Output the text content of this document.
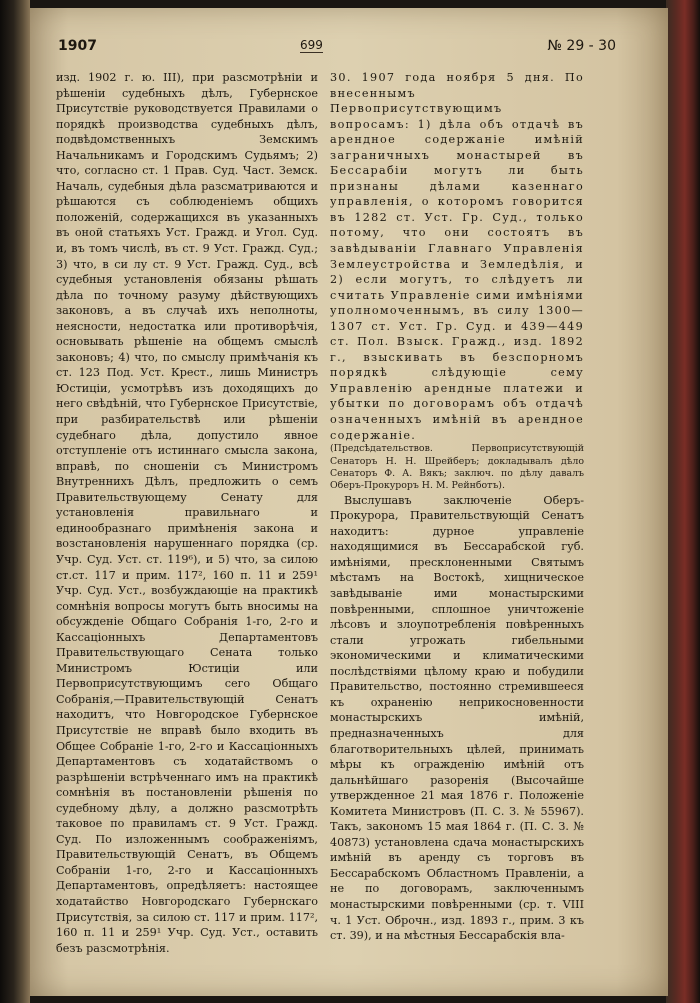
1907	699	№ 29 - 30

изд. 1902 г. ю. III), при разсмотрѣніи и рѣшеніи судебныхъ дѣлъ, Губернское Присутствіе руководствуется Правилами о порядкѣ производства судебныхъ дѣлъ, подвѣдомственныхъ Земскимъ Начальникамъ и Городскимъ Судьямъ; 2) что, согласно ст. 1 Прав. Суд. Част. Земск. Началь, судебныя дѣла разсматриваются и рѣшаются съ соблюденіемъ общихъ положеній, содержащихся въ указанныхъ въ оной статьяхъ Уст. Гражд. и Угол. Суд. и, въ томъ числѣ, въ ст. 9 Уст. Гражд. Суд.; 3) что, в си лу ст. 9 Уст. Гражд. Суд., всѣ судебныя установленія обязаны рѣшать дѣла по точному разуму дѣйствующихъ законовъ, а въ случаѣ ихъ неполноты, неясности, недостатка или противорѣчія, основывать рѣшеніе на общемъ смыслѣ законовъ; 4) что, по смыслу примѣчанія къ ст. 123 Под. Уст. Крест., лишь Министръ Юстиціи, усмотрѣвъ изъ доходящихъ до него свѣдѣній, что Губернское Присутствіе, при разбирательствѣ или рѣшеніи судебнаго дѣла, допустило явное отступленіе отъ истиннаго смысла закона, вправѣ, по сношеніи съ Министромъ Внутреннихъ Дѣлъ, предложить о семъ Правительствующему Сенату для установленія правильнаго и единообразнаго примѣненія закона и возстановленія нарушеннаго порядка (ср. Учр. Суд. Уст. ст. 119⁶), и 5) что, за силою ст.ст. 117 и прим. 117², 160 п. 11 и 259¹ Учр. Суд. Уст., возбуждающіе на практикѣ сомнѣнія вопросы могутъ быть вносимы на обсужденіе Общаго Собранія 1-го, 2-го и Кассаціонныхъ Департаментовъ Правительствующаго Сената только Министромъ Юстиціи или Первоприсутствующимъ сего Общаго Собранія,—Правительствующій Сенатъ находитъ, что Новгородское Губернское Присутствіе не вправѣ было входить въ Общее Собраніе 1-го, 2-го и Кассаціонныхъ Департаментовъ съ ходатайствомъ о разрѣшеніи встрѣченнаго имъ на практикѣ сомнѣнія въ постановленіи рѣшенія по судебному дѣлу, а должно разсмотрѣть таковое по правиламъ ст. 9 Уст. Гражд. Суд. По изложеннымъ соображеніямъ, Правительствующій Сенатъ, въ Общемъ Собраніи 1-го, 2-го и Кассаціонныхъ Департаментовъ, опредѣляетъ: настоящее ходатайство Новгородскаго Губернскаго Присутствія, за силою ст. 117 и прим. 117², 160 п. 11 и 259¹ Учр. Суд. Уст., оставить безъ разсмотрѣнія.

30. 1907 года ноября 5 дня. По внесеннымъ Первоприсутствующимъ вопросамъ: 1) дѣла объ отдачѣ въ арендное содержаніе имѣній заграничныхъ монастырей въ Бессарабіи могутъ ли быть признаны дѣлами казеннаго управленія, о которомъ говорится въ 1282 ст. Уст. Гр. Суд., только потому, что они состоятъ въ завѣдываніи Главнаго Управленія Землеустройства и Земледѣлія, и 2) если могутъ, то слѣдуетъ ли считать Управленіе сими имѣніями уполномоченнымъ, въ силу 1300—1307 ст. Уст. Гр. Суд. и 439—449 ст. Пол. Взыск. Гражд., изд. 1892 г., взыскивать въ безспорномъ порядкѣ слѣдующіе сему Управленію арендные платежи и убытки по договорамъ объ отдачѣ означенныхъ имѣній въ арендное содержаніе.

(Предсѣдательствов. Первоприсутствующій Сенаторъ Н. Н. Шрейберъ; докладывалъ дѣло Сенаторъ Ф. А. Вякъ; заключ. по дѣлу давалъ Оберъ-Прокуроръ Н. М. Рейнботъ).

Выслушавъ заключеніе Оберъ-Прокурора, Правительствующій Сенатъ находитъ: дурное управленіе находящимися въ Бессарабской губ. имѣніями, пресклоненными Святымъ мѣстамъ на Востокѣ, хищническое завѣдываніе ими монастырскими повѣренными, сплошное уничтоженіе лѣсовъ и злоупотребленія повѣренныхъ стали угрожать гибельными экономическими и климатическими послѣдствіями цѣлому краю и побудили Правительство, постоянно стремившееся къ охраненію неприкосновенности монастырскихъ имѣній, предназначенныхъ для благотворительныхъ цѣлей, принимать мѣры къ огражденію имѣній отъ дальнѣйшаго разоренія (Высочайше утвержденное 21 мая 1876 г. Положеніе Комитета Министровъ (П. С. З. № 55967). Такъ, закономъ 15 мая 1864 г. (П. С. З. № 40873) установлена сдача монастырскихъ имѣній въ аренду съ торговъ въ Бессарабскомъ Областномъ Правленіи, а не по договорамъ, заключеннымъ монастырскими повѣренными (ср. т. VIII ч. 1 Уст. Оброчн., изд. 1893 г., прим. 3 къ ст. 39), и на мѣстныя Бессарабскія вла-
